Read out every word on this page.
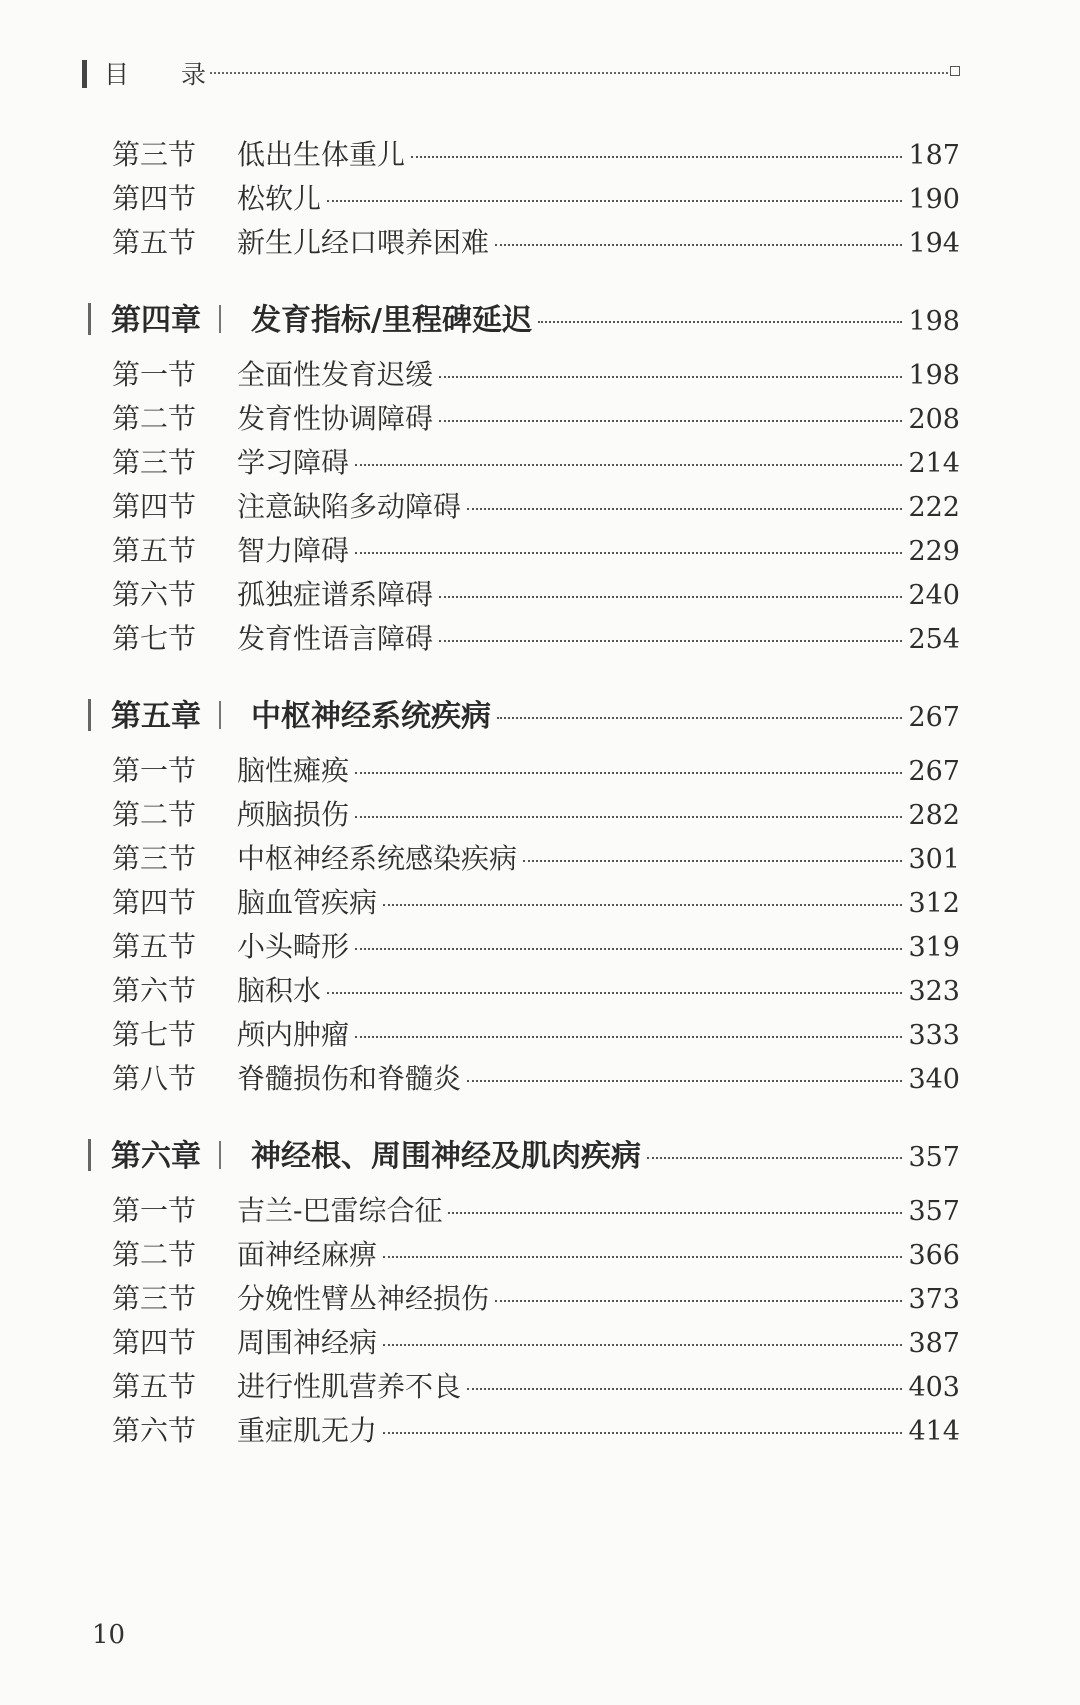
目 录
第三节	低出生体重儿	187
第四节	松软儿	190
第五节	新生儿经口喂养困难	194
第四章 发育指标/里程碑延迟	198
第一节	全面性发育迟缓	198
第二节	发育性协调障碍	208
第三节	学习障碍	214
第四节	注意缺陷多动障碍	222
第五节	智力障碍	229
第六节	孤独症谱系障碍	240
第七节	发育性语言障碍	254
第五章 中枢神经系统疾病	267
第一节	脑性瘫痪	267
第二节	颅脑损伤	282
第三节	中枢神经系统感染疾病	301
第四节	脑血管疾病	312
第五节	小头畸形	319
第六节	脑积水	323
第七节	颅内肿瘤	333
第八节	脊髓损伤和脊髓炎	340
第六章 神经根、周围神经及肌肉疾病	357
第一节	吉兰-巴雷综合征	357
第二节	面神经麻痹	366
第三节	分娩性臂丛神经损伤	373
第四节	周围神经病	387
第五节	进行性肌营养不良	403
第六节	重症肌无力	414
10
